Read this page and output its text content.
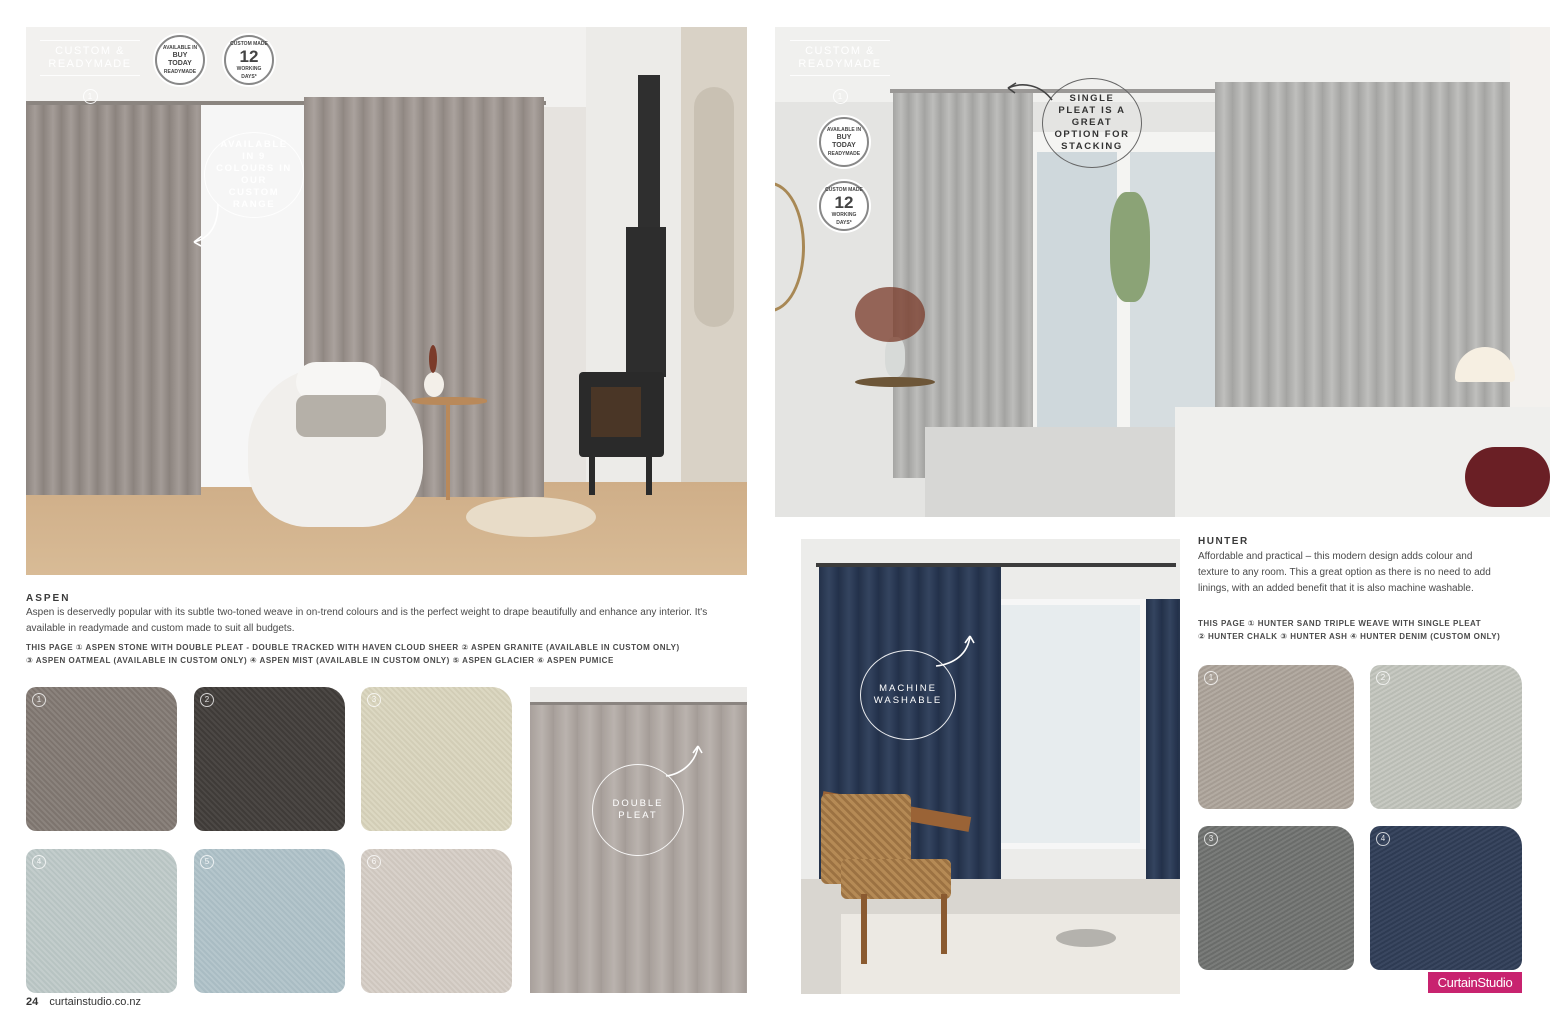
CUSTOM &
READYMADE
1
AVAILABLE IN
BUY
TODAY
READYMADE
CUSTOM MADE
12
WORKING
DAYS*
AVAILABLE IN 9 COLOURS IN OUR CUSTOM RANGE
ASPEN
Aspen is deservedly popular with its subtle two-toned weave in on-trend colours and is the perfect weight to drape beautifully and enhance any interior. It's available in readymade and custom made to suit all budgets.
THIS PAGE ① ASPEN STONE WITH DOUBLE PLEAT - DOUBLE TRACKED WITH HAVEN CLOUD SHEER ② ASPEN GRANITE (AVAILABLE IN CUSTOM ONLY)
③ ASPEN OATMEAL (AVAILABLE IN CUSTOM ONLY) ④ ASPEN MIST (AVAILABLE IN CUSTOM ONLY) ⑤ ASPEN GLACIER ⑥ ASPEN PUMICE
1	2	3
4	5	6
DOUBLE PLEAT
24 curtainstudio.co.nz
CUSTOM &
READYMADE
1
AVAILABLE IN
BUY
TODAY
READYMADE
CUSTOM MADE
12
WORKING
DAYS*
SINGLE PLEAT IS A GREAT OPTION FOR STACKING
MACHINE WASHABLE
HUNTER
Affordable and practical – this modern design adds colour and texture to any room. This a great option as there is no need to add linings, with an added benefit that it is also machine washable.
THIS PAGE ① HUNTER SAND TRIPLE WEAVE WITH SINGLE PLEAT
② HUNTER CHALK ③ HUNTER ASH ④ HUNTER DENIM (CUSTOM ONLY)
1	2
3	4
CurtainStudio
